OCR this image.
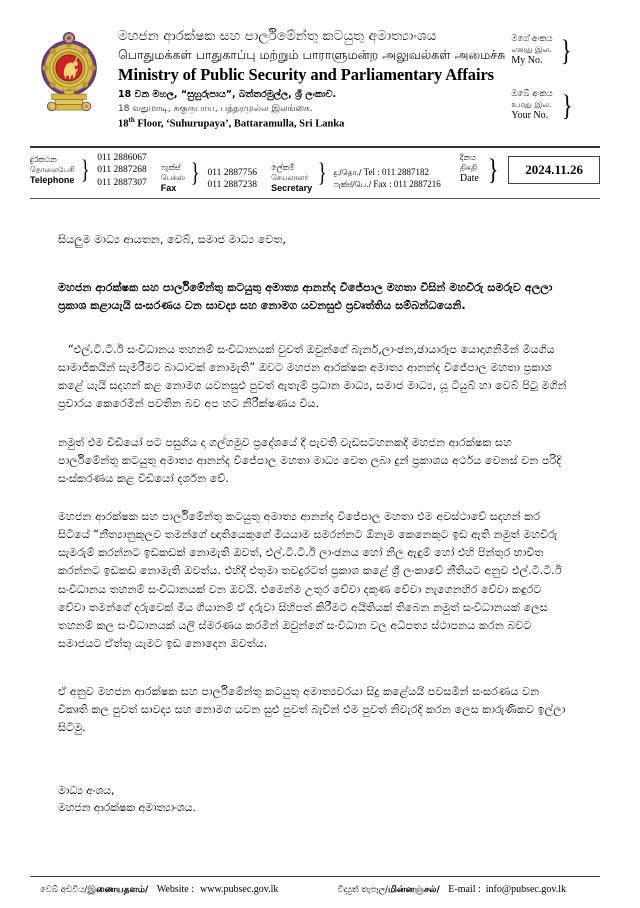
මහජන ආරක්ෂක සහ පාර්ලිමේන්තු කටයුතු අමාත්‍යාංශය
பொதுமக்கள் பாதுகாப்பு மற்றும் பாராளுமன்ற அலுவல்கள் அமைச்சு
Ministry of Public Security and Parliamentary Affairs
18 වන මහල, “සුහුරුපාය”, බත්තරමුල්ල, ශ්‍රී ලංකාව.
18 வதுமாடி, சுகுருபாய, பத்தரமுல்ல இலங்கை.
18th Floor, ‘Suhurupaya’, Battaramulla, Sri Lanka
මගේ අංකය
எனது இல.
My No. }
ඔබේ අංකය
உமது இல.
Your No. }
දුරකථන
தொலைபேசி
Telephone } 011 2886067
011 2887268
011 2887307
ෆැක්ස්
பெக்ஸ்
Fax
} 011 2887756
011 2887238
ලේකම්
செயலாளர்
Secretary
} දු./தொ./ Tel : 011 2887182
ෆැක්ස්/பெ./ Fax : 011 2887216
දිනය
திகதி
Date }	2024.11.26
සියලුම මාධ්‍ය ආයතන, වෙබ්, සමාජ මාධ්‍ය වෙත,
මහජන ආරක්ෂක සහ පාර්ලිමේන්තු කටයුතු අමාත්‍ය ආනන්ද විජේපාල මහතා විසින් මහවීරු සමරුව අලලා ප්‍රකාශ කළායැයි සංසරණය වන සාවද්‍ය සහ නොමග යවනසුළු ප්‍රවෘත්තිය සම්බන්ධයෙනි.
“එල්.ටී.ටී.ඊ සංවිධානය තහනම් සංවිධානයක් වුවත් ඔවුන්ගේ බැනර්,ලාංඡන,ඡායාරූප යොදාගනිමින් මියගිය සාමාජිකයින් සැමරීමට බාධාවක් නොමැති” ඔවට මහජන ආරක්ෂක අමාත්‍ය ආනන්ද විජේපාල මහතා ප්‍රකාශ කළේ යැයි සදහන් කළ නොමග යවනසුළු පුවත් ඇතැම් ප්‍රධාන මාධ්‍ය, සමාජ මාධ්‍ය, යූ ටියුබ් හා වෙබ් පිටු මගින් ප්‍රචාරය කෙරෙමින් පවතින බව අප හට නිරීක්ෂණය විය.
නමුත් එම වීඩියෝ පට පසුගිය දා ගල්ගමුව ප්‍රදේශයේ දී පැවති වැඩසටහනකදී මහජන ආරක්ෂක සහ පාර්ලිමේන්තු කටයුතු අමාත්‍ය ආනන්ද විජේපාල මහතා මාධ්‍ය වෙත ලබා දුන් ප්‍රකාශය අර්ථය වෙනස් වන පරිදි සංස්කරණය කළ වීඩියෝ දර්ශන වේ.
මහජන ආරක්ෂක සහ පාර්ලිමේන්තු කටයුතු අමාත්‍ය ආනන්ද විජේපාල මහතා එම අවස්ථාවේ සදහන් කර සිටියේ “නීත්‍යානුකූලව තමන්ගේ ඥාතියෙකුගේ මියයාම සමරන්නට ඕනෑම කෙනෙකුට ඉඩ ඇති නමුත් මහවීරු සැමරුම් කරන්නට ඉඩකඩක් නොමැති ඔවත්, එල්.ටී.ටී.ඊ ලාංඡනය හෝ නිල ඇඳුම් හෝ එහි පින්තුර භාවිත කරන්නට ඉඩකඩ නොමැති ඔවත්ය. එහිදී එතුමා තවදුරටත් ප්‍රකාශ කළේ ශ්‍රී ලංකාවේ නීතියට අනුව එල්.ටී.ටී.ඊ සංවිධානය තහනම් සංවිධානයක් වන ඔවයි. එමෙන්ම උතුර වේවා දකුණ වේවා නැගෙනහිර වේවා කඳුරට වේවා තමන්ගේ දරුවෙක් මිය ගියානම් ඒ දරුවා සිහිපත් කිරීමට අයිතියක් තිබෙන නමුත් සංවිධානයක් ලෙස තහනම් කල සංවිධානයක් යලි ස්මරණය කරමින් ඔවුන්ගේ සංවිධාන වල අධිපත්‍ය ස්ථාපනය කරන බවට සමාජයට ඒත්තු යැමට ඉඩ නොදෙන ඔවත්ය.
ඒ අනුව මහජන ආරක්ෂක සහ පාර්ලිමේන්තු කටයුතු අමාත්‍යවරයා සිදු කළේයයි පවසමින් සංසරණය වන විකෘති කල පුවත් සාවද්‍ය සහ නොමග යවන සුළු පුවත් බැවින් එම පුවත් නිවැරදි කරන ලෙස කාරුණිකව ඉල්ලා සිටිමු.
මාධ්‍ය අංශය,
මහජන ආරක්ෂක අමාත්‍යාංශය.
වෙබ් අඩවිය/ இணையதளம்/
Website : www.pubsec.gov.lk	විද්‍යුත් තැපෑල/ மின்னஞ்சல்/
E-mail : info@pubsec.gov.lk
